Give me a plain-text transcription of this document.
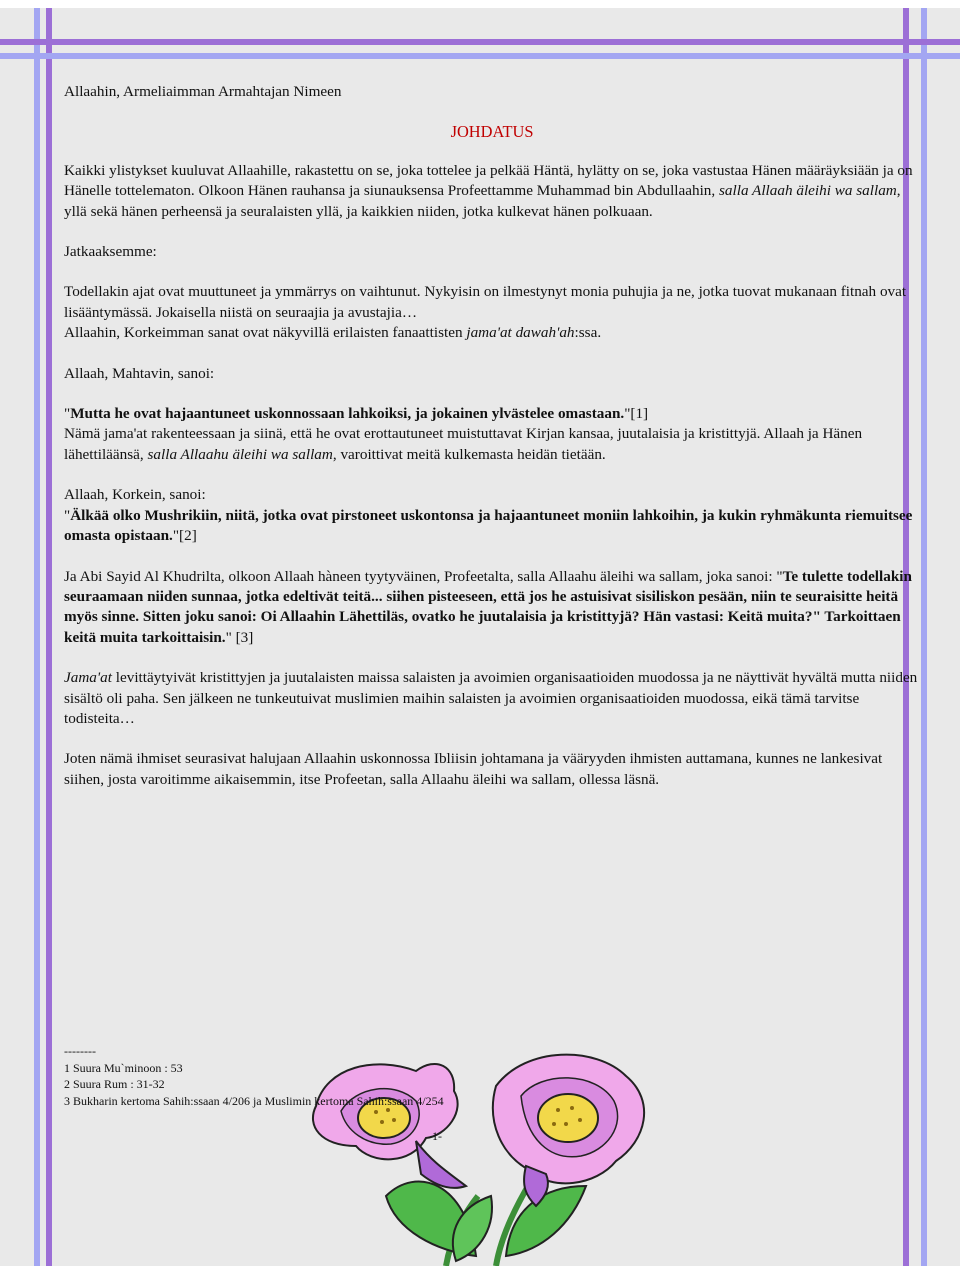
Allaahin, Armeliaimman Armahtajan Nimeen

JOHDATUS

Kaikki ylistykset kuuluvat Allaahille, rakastettu on se, joka tottelee ja pelkää Häntä, hylätty on se, joka vastustaa Hänen määräyksiään ja on Hänelle tottelematon. Olkoon Hänen rauhansa ja siunauksensa Profeettamme Muhammad bin Abdullaahin, salla Allaah äleihi wa sallam, yllä sekä hänen perheensä ja seuralaisten yllä, ja kaikkien niiden, jotka kulkevat hänen polkuaan.

Jatkaaksemme:

Todellakin ajat ovat muuttuneet ja ymmärrys on vaihtunut. Nykyisin on ilmestynyt monia puhujia ja ne, jotka tuovat mukanaan fitnah ovat lisääntymässä. Jokaisella niistä on seuraajia ja avustajia…
Allaahin, Korkeimman sanat ovat näkyvillä erilaisten fanaattisten jama'at dawah'ah:ssa.

Allaah, Mahtavin, sanoi:

"Mutta he ovat hajaantuneet uskonnossaan lahkoiksi, ja jokainen ylvästelee omastaan."[1]

Nämä jama'at rakenteessaan ja siinä, että he ovat erottautuneet muistuttavat Kirjan kansaa, juutalaisia ja kristittyjä. Allaah ja Hänen lähettiläänsä, salla Allaahu äleihi wa sallam, varoittivat meitä kulkemasta heidän tietään.

Allaah, Korkein, sanoi:

"Älkää olko Mushrikiin, niitä, jotka ovat pirstoneet uskontonsa ja hajaantuneet moniin lahkoihin, ja kukin ryhmäkunta riemuitsee omasta opistaan."[2]

Ja Abi Sayid Al Khudrilta, olkoon Allaah hàneen tyytyväinen, Profeetalta, salla Allaahu äleihi wa sallam, joka sanoi: "Te tulette todellakin seuraamaan niiden sunnaa, jotka edeltivät teitä... siihen pisteeseen, että jos he astuisivat sisiliskon pesään, niin te seuraisitte heitä myös sinne. Sitten joku sanoi: Oi Allaahin Lähettiläs, ovatko he juutalaisia ja kristittyjä? Hän vastasi: Keitä muita?" Tarkoittaen keitä muita tarkoittaisin." [3]

Jama'at levittäytyivät kristittyjen ja juutalaisten maissa salaisten ja avoimien organisaatioiden muodossa ja ne näyttivät hyvältä mutta niiden sisältö oli paha. Sen jälkeen ne tunkeutuivat muslimien maihin salaisten ja avoimien organisaatioiden muodossa, eikä tämä tarvitse todisteita…

Joten nämä ihmiset seurasivat halujaan Allaahin uskonnossa Ibliisin johtamana ja vääryyden ihmisten auttamana, kunnes ne lankesivat siihen, josta varoitimme aikaisemmin, itse Profeetan, salla Allaahu äleihi wa sallam, ollessa läsnä.

--------

1 Suura Mu`minoon : 53

2 Suura Rum : 31-32

3 Bukharin kertoma Sahih:ssaan 4/206 ja Muslimin kertoma Sahih:ssaan 4/254

-1-
